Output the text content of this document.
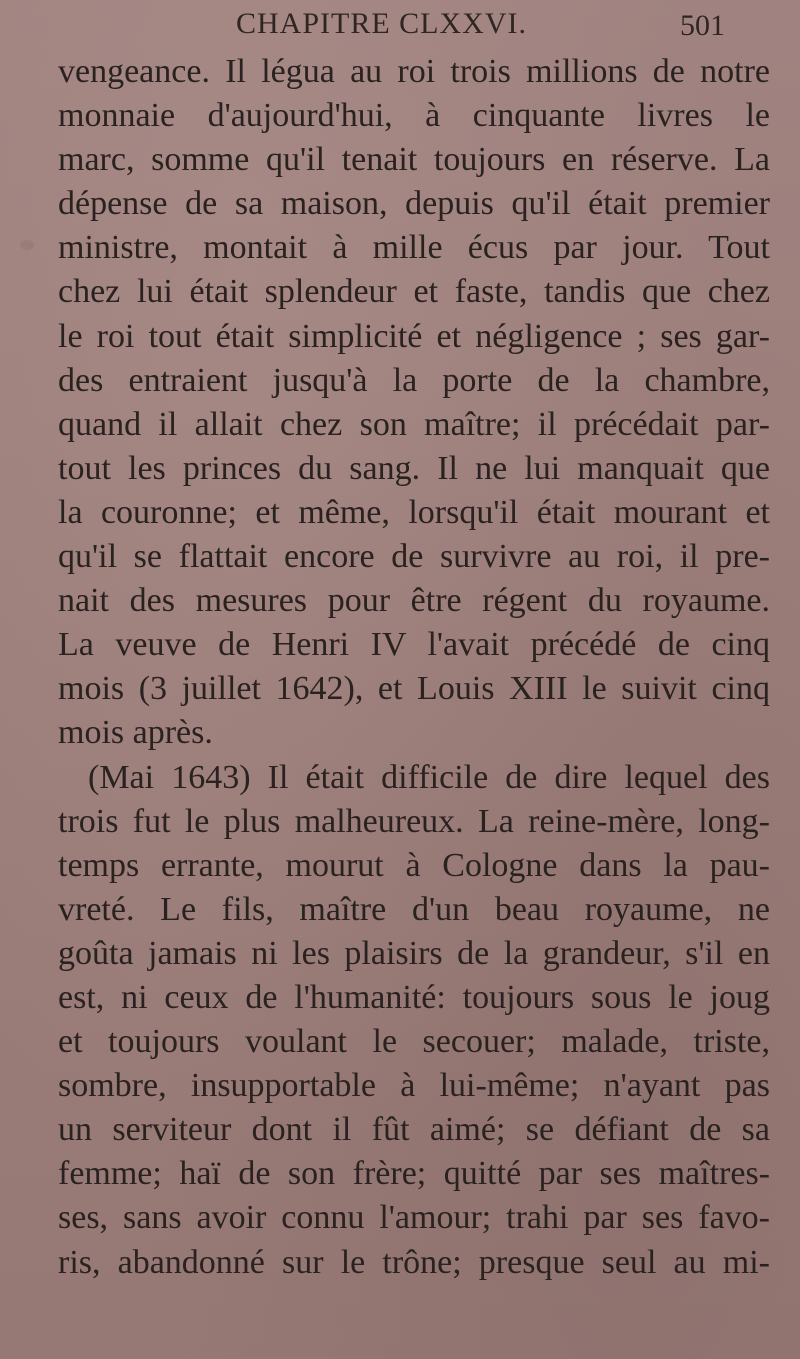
CHAPITRE CLXXVI.	501
vengeance. Il légua au roi trois millions de notre
monnaie d'aujourd'hui, à cinquante livres le
marc, somme qu'il tenait toujours en réserve. La
dépense de sa maison, depuis qu'il était premier
ministre, montait à mille écus par jour. Tout
chez lui était splendeur et faste, tandis que chez
le roi tout était simplicité et négligence ; ses gar-
des entraient jusqu'à la porte de la chambre,
quand il allait chez son maître; il précédait par-
tout les princes du sang. Il ne lui manquait que
la couronne; et même, lorsqu'il était mourant et
qu'il se flattait encore de survivre au roi, il pre-
nait des mesures pour être régent du royaume.
La veuve de Henri IV l'avait précédé de cinq
mois (3 juillet 1642), et Louis XIII le suivit cinq
mois après.
(Mai 1643) Il était difficile de dire lequel des
trois fut le plus malheureux. La reine-mère, long-
temps errante, mourut à Cologne dans la pau-
vreté. Le fils, maître d'un beau royaume, ne
goûta jamais ni les plaisirs de la grandeur, s'il en
est, ni ceux de l'humanité: toujours sous le joug
et toujours voulant le secouer; malade, triste,
sombre, insupportable à lui-même; n'ayant pas
un serviteur dont il fût aimé; se défiant de sa
femme; haï de son frère; quitté par ses maîtres-
ses, sans avoir connu l'amour; trahi par ses favo-
ris, abandonné sur le trône; presque seul au mi-
